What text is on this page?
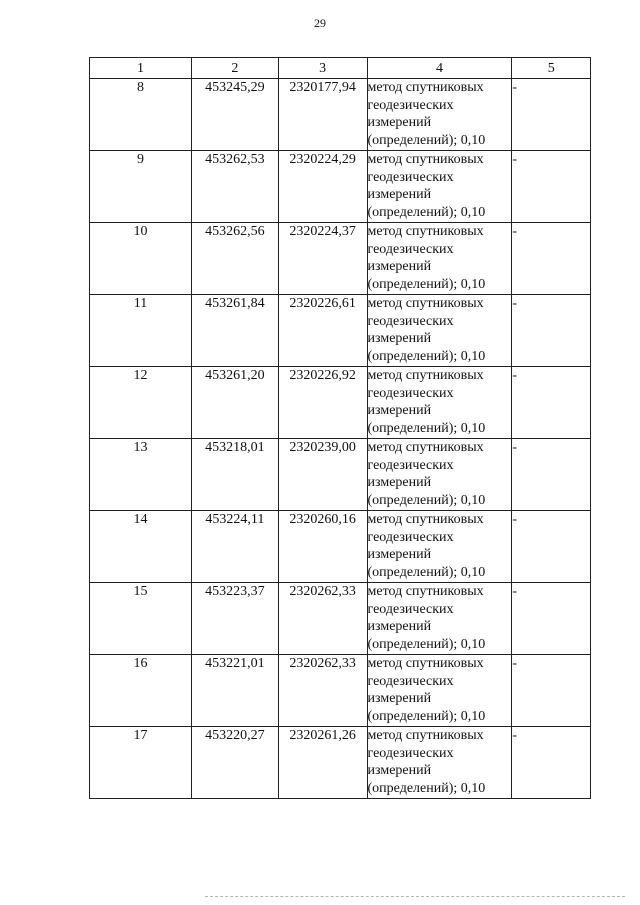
29
1	2	3	4	5
8	453245,29	2320177,94	метод спутниковых геодезических измерений (определений); 0,10	-
9	453262,53	2320224,29	метод спутниковых геодезических измерений (определений); 0,10	-
10	453262,56	2320224,37	метод спутниковых геодезических измерений (определений); 0,10	-
11	453261,84	2320226,61	метод спутниковых геодезических измерений (определений); 0,10	-
12	453261,20	2320226,92	метод спутниковых геодезических измерений (определений); 0,10	-
13	453218,01	2320239,00	метод спутниковых геодезических измерений (определений); 0,10	-
14	453224,11	2320260,16	метод спутниковых геодезических измерений (определений); 0,10	-
15	453223,37	2320262,33	метод спутниковых геодезических измерений (определений); 0,10	-
16	453221,01	2320262,33	метод спутниковых геодезических измерений (определений); 0,10	-
17	453220,27	2320261,26	метод спутниковых геодезических измерений (определений); 0,10	-
